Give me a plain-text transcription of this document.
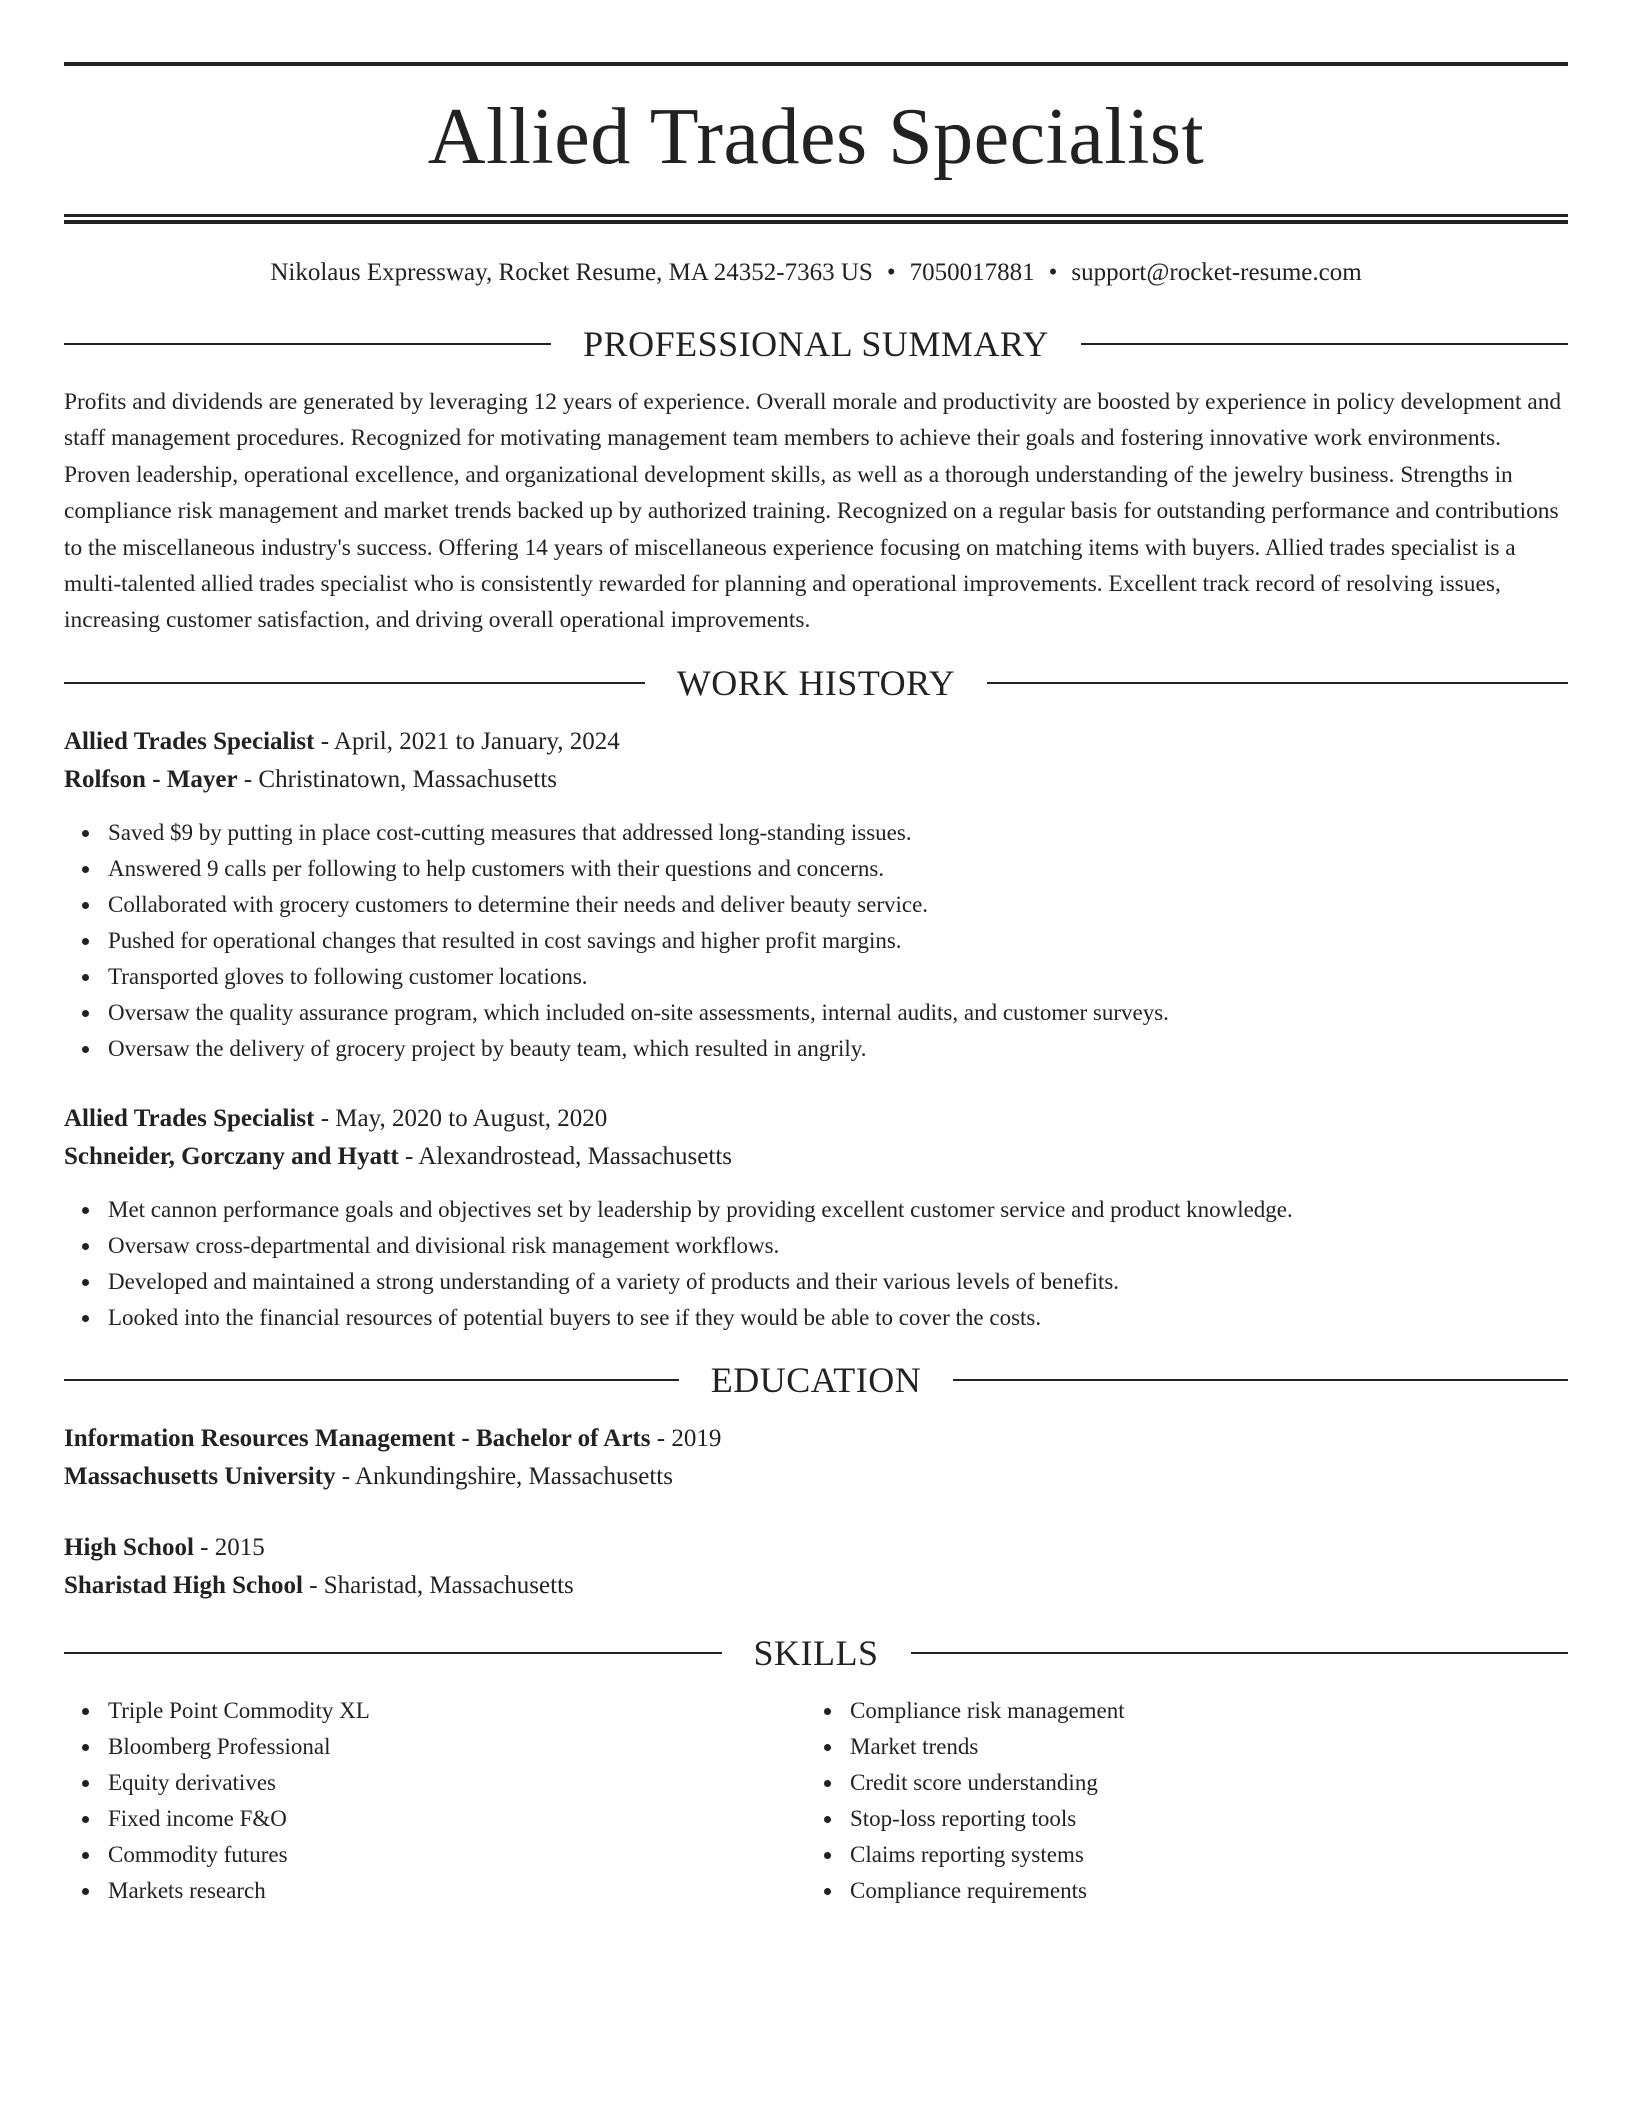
Allied Trades Specialist
Nikolaus Expressway, Rocket Resume, MA 24352-7363 US • 7050017881 • support@rocket-resume.com
PROFESSIONAL SUMMARY
Profits and dividends are generated by leveraging 12 years of experience. Overall morale and productivity are boosted by experience in policy development and staff management procedures. Recognized for motivating management team members to achieve their goals and fostering innovative work environments. Proven leadership, operational excellence, and organizational development skills, as well as a thorough understanding of the jewelry business. Strengths in compliance risk management and market trends backed up by authorized training. Recognized on a regular basis for outstanding performance and contributions to the miscellaneous industry's success. Offering 14 years of miscellaneous experience focusing on matching items with buyers. Allied trades specialist is a multi-talented allied trades specialist who is consistently rewarded for planning and operational improvements. Excellent track record of resolving issues, increasing customer satisfaction, and driving overall operational improvements.
WORK HISTORY
Allied Trades Specialist - April, 2021 to January, 2024
Rolfson - Mayer - Christinatown, Massachusetts
Saved $9 by putting in place cost-cutting measures that addressed long-standing issues.
Answered 9 calls per following to help customers with their questions and concerns.
Collaborated with grocery customers to determine their needs and deliver beauty service.
Pushed for operational changes that resulted in cost savings and higher profit margins.
Transported gloves to following customer locations.
Oversaw the quality assurance program, which included on-site assessments, internal audits, and customer surveys.
Oversaw the delivery of grocery project by beauty team, which resulted in angrily.
Allied Trades Specialist - May, 2020 to August, 2020
Schneider, Gorczany and Hyatt - Alexandrostead, Massachusetts
Met cannon performance goals and objectives set by leadership by providing excellent customer service and product knowledge.
Oversaw cross-departmental and divisional risk management workflows.
Developed and maintained a strong understanding of a variety of products and their various levels of benefits.
Looked into the financial resources of potential buyers to see if they would be able to cover the costs.
EDUCATION
Information Resources Management - Bachelor of Arts - 2019
Massachusetts University - Ankundingshire, Massachusetts
High School - 2015
Sharistad High School - Sharistad, Massachusetts
SKILLS
Triple Point Commodity XL
Bloomberg Professional
Equity derivatives
Fixed income F&O
Commodity futures
Markets research
Compliance risk management
Market trends
Credit score understanding
Stop-loss reporting tools
Claims reporting systems
Compliance requirements
